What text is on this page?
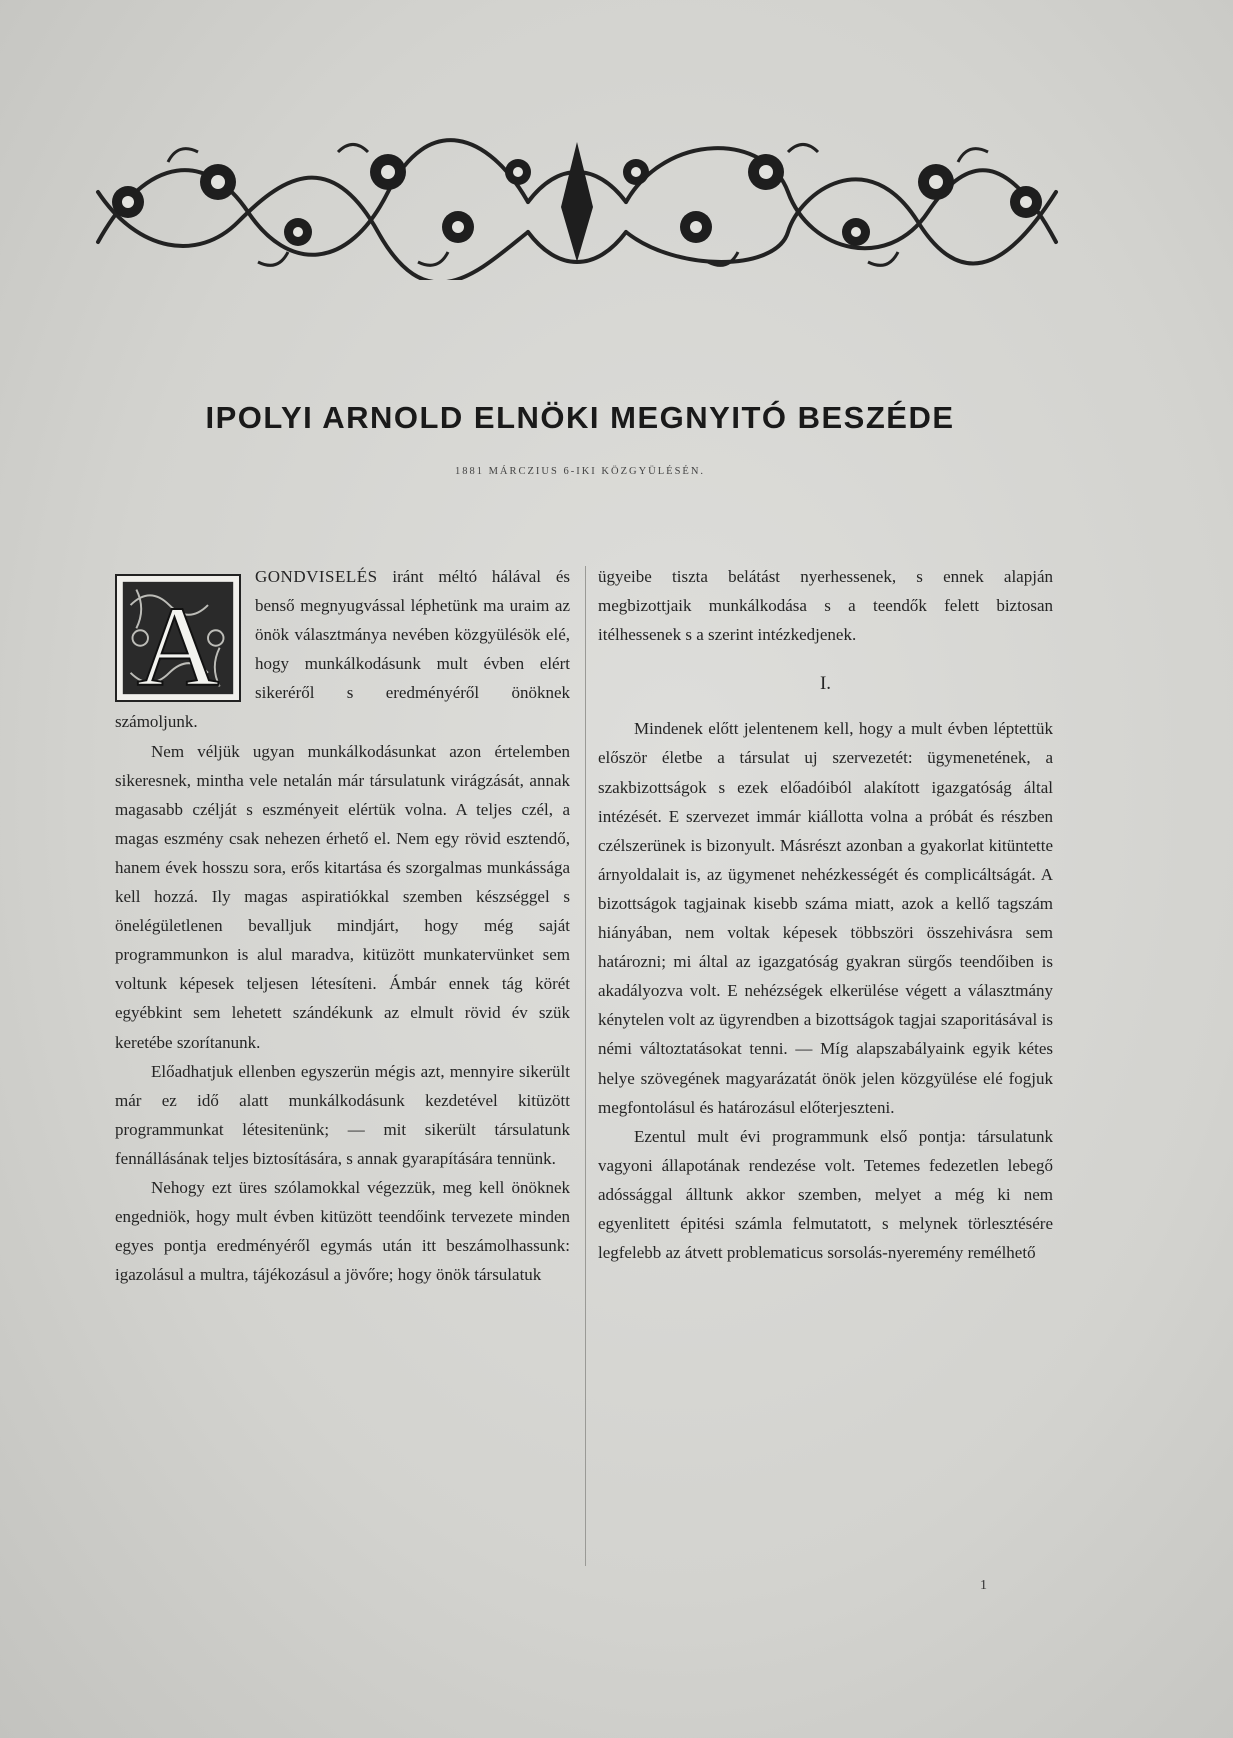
IPOLYI ARNOLD ELNÖKI MEGNYITÓ BESZÉDE
1881 MÁRCZIUS 6-IKI KÖZGYÜLÉSÉN.
A

GONDVISELÉS iránt méltó hálával és benső megnyugvással léphetünk ma uraim az önök választmánya nevében közgyülésök elé, hogy munkálkodásunk mult évben elért sikeréről s eredményéről önöknek számoljunk.

Nem véljük ugyan munkálkodásunkat azon értelemben sikeresnek, mintha vele netalán már társulatunk virágzását, annak magasabb czélját s eszményeit elértük volna. A teljes czél, a magas eszmény csak nehezen érhető el. Nem egy rövid esztendő, hanem évek hosszu sora, erős kitartása és szorgalmas munkássága kell hozzá. Ily magas aspiratiókkal szemben készséggel s önelégületlenen bevalljuk mindjárt, hogy még saját programmunkon is alul maradva, kitüzött munkatervünket sem voltunk képesek teljesen létesíteni. Ámbár ennek tág körét egyébkint sem lehetett szándékunk az elmult rövid év szük keretébe szorítanunk.

Előadhatjuk ellenben egyszerün mégis azt, mennyire sikerült már ez idő alatt munkálkodásunk kezdetével kitüzött programmunkat létesitenünk; — mit sikerült társulatunk fennállásának teljes biztosítására, s annak gyarapítására tennünk.

Nehogy ezt üres szólamokkal végezzük, meg kell önöknek engedniök, hogy mult évben kitüzött teendőink tervezete minden egyes pontja eredményéről egymás után itt beszámolhassunk: igazolásul a multra, tájékozásul a jövőre; hogy önök társulatuk

ügyeibe tiszta belátást nyerhessenek, s ennek alapján megbizottjaik munkálkodása s a teendők felett biztosan itélhessenek s a szerint intézkedjenek.

I.

Mindenek előtt jelentenem kell, hogy a mult évben léptettük először életbe a társulat uj szervezetét: ügymenetének, a szakbizottságok s ezek előadóiból alakított igazgatóság által intézését. E szervezet immár kiállotta volna a próbát és részben czélszerünek is bizonyult. Másrészt azonban a gyakorlat kitüntette árnyoldalait is, az ügymenet nehézkességét és complicáltságát. A bizottságok tagjainak kisebb száma miatt, azok a kellő tagszám hiányában, nem voltak képesek többszöri összehivásra sem határozni; mi által az igazgatóság gyakran sürgős teendőiben is akadályozva volt. E nehézségek elkerülése végett a választmány kénytelen volt az ügyrendben a bizottságok tagjai szaporitásával is némi változtatásokat tenni. — Míg alapszabályaink egyik kétes helye szövegének magyarázatát önök jelen közgyülése elé fogjuk megfontolásul és határozásul előterjeszteni.

Ezentul mult évi programmunk első pontja: társulatunk vagyoni állapotának rendezése volt. Tetemes fedezetlen lebegő adóssággal álltunk akkor szemben, melyet a még ki nem egyenlitett épitési számla felmutatott, s melynek törlesztésére legfelebb az átvett problematicus sorsolás-nyeremény remélhető

1
